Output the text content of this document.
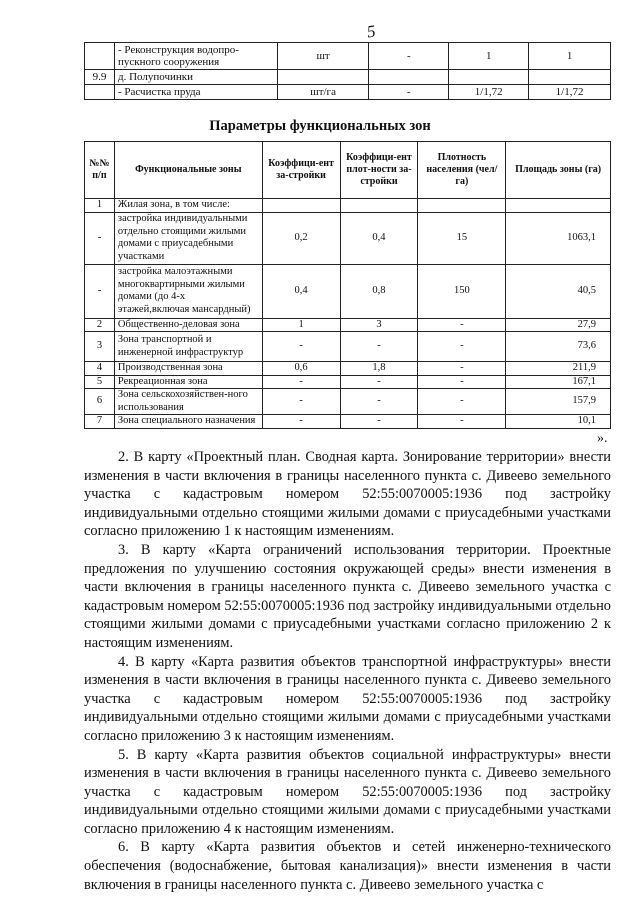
5
	- Реконструкция водопро-пускного сооружения	шт	-	1	1
9.9	д. Полупочинки				
	- Расчистка пруда	шт/га	-	1/1,72	1/1,72
Параметры функциональных зон
№№ п/п	Функциональные зоны	Коэффици-ент за-стройки	Коэффици-ент плот-ности за-стройки	Плотность населения (чел/га)	Площадь зоны (га)
1	Жилая зона, в том числе:				
-	застройка индивидуальными отдельно стоящими жилыми домами с приусадебными участками	0,2	0,4	15	1063,1
-	застройка малоэтажными многоквартирными жилыми домами (до 4-х этажей,включая мансардный)	0,4	0,8	150	40,5
2	Общественно-деловая зона	1	3	-	27,9
3	Зона транспортной и инженерной инфраструктур	-	-	-	73,6
4	Производственная зона	0,6	1,8	-	211,9
5	Рекреационная зона	-	-	-	167,1
6	Зона сельскохозяйствен-ного использования	-	-	-	157,9
7	Зона специального назначения	-	-	-	10,1
».

2. В карту «Проектный план. Сводная карта. Зонирование территории» внести изменения в части включения в границы населенного пункта с. Дивеево земельного участка с кадастровым номером 52:55:0070005:1936 под застройку индивидуальными отдельно стоящими жилыми домами с приусадебными участками согласно приложению 1 к настоящим изменениям.

3. В карту «Карта ограничений использования территории. Проектные предложения по улучшению состояния окружающей среды» внести изменения в части включения в границы населенного пункта с. Дивеево земельного участка с кадастровым номером 52:55:0070005:1936 под застройку индивидуальными отдельно стоящими жилыми домами с приусадебными участками согласно приложению 2 к настоящим изменениям.

4. В карту «Карта развития объектов транспортной инфраструктуры» внести изменения в части включения в границы населенного пункта с. Дивеево земельного участка с кадастровым номером 52:55:0070005:1936 под застройку индивидуальными отдельно стоящими жилыми домами с приусадебными участками согласно приложению 3 к настоящим изменениям.

5. В карту «Карта развития объектов социальной инфраструктуры» внести изменения в части включения в границы населенного пункта с. Дивеево земельного участка с кадастровым номером 52:55:0070005:1936 под застройку индивидуальными отдельно стоящими жилыми домами с приусадебными участками согласно приложению 4 к настоящим изменениям.

6. В карту «Карта развития объектов и сетей инженерно-технического обеспечения (водоснабжение, бытовая канализация)» внести изменения в части включения в границы населенного пункта с. Дивеево земельного участка с
